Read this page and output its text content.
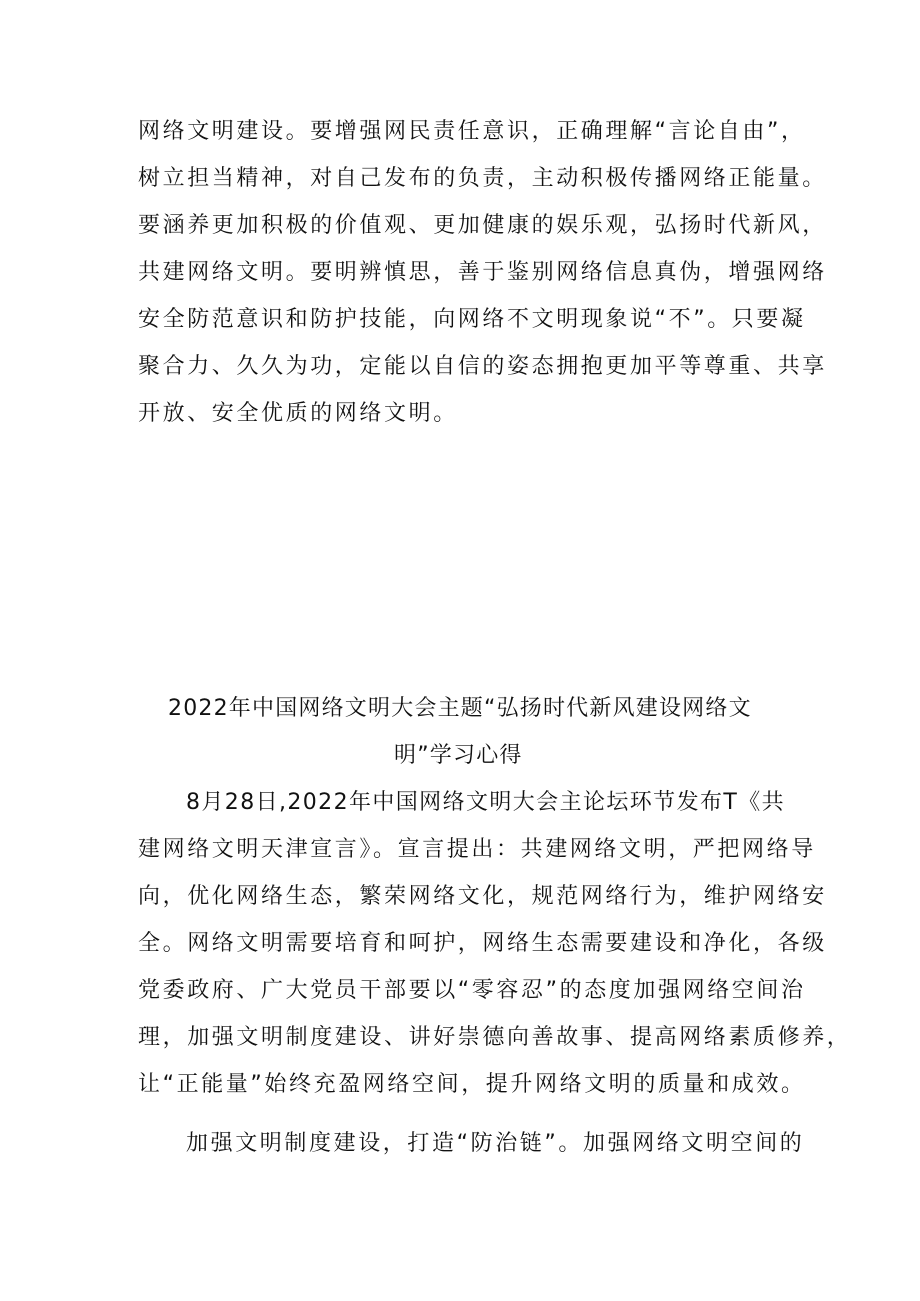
网络文明建设。要增强网民责任意识，正确理解“言论自由”，
树立担当精神，对自己发布的负责，主动积极传播网络正能量。
要涵养更加积极的价值观、更加健康的娱乐观，弘扬时代新风，
共建网络文明。要明辨慎思，善于鉴别网络信息真伪，增强网络
安全防范意识和防护技能，向网络不文明现象说“不”。只要凝
聚合力、久久为功，定能以自信的姿态拥抱更加平等尊重、共享
开放、安全优质的网络文明。
2022年中国网络文明大会主题“弘扬时代新风建设网络文
明”学习心得
8月28日,2022年中国网络文明大会主论坛环节发布T《共
建网络文明天津宣言》。宣言提出：共建网络文明，严把网络导
向，优化网络生态，繁荣网络文化，规范网络行为，维护网络安
全。网络文明需要培育和呵护，网络生态需要建设和净化，各级
党委政府、广大党员干部要以“零容忍”的态度加强网络空间治
理，加强文明制度建设、讲好崇德向善故事、提高网络素质修养，
让“正能量”始终充盈网络空间，提升网络文明的质量和成效。
加强文明制度建设，打造“防治链”。加强网络文明空间的
